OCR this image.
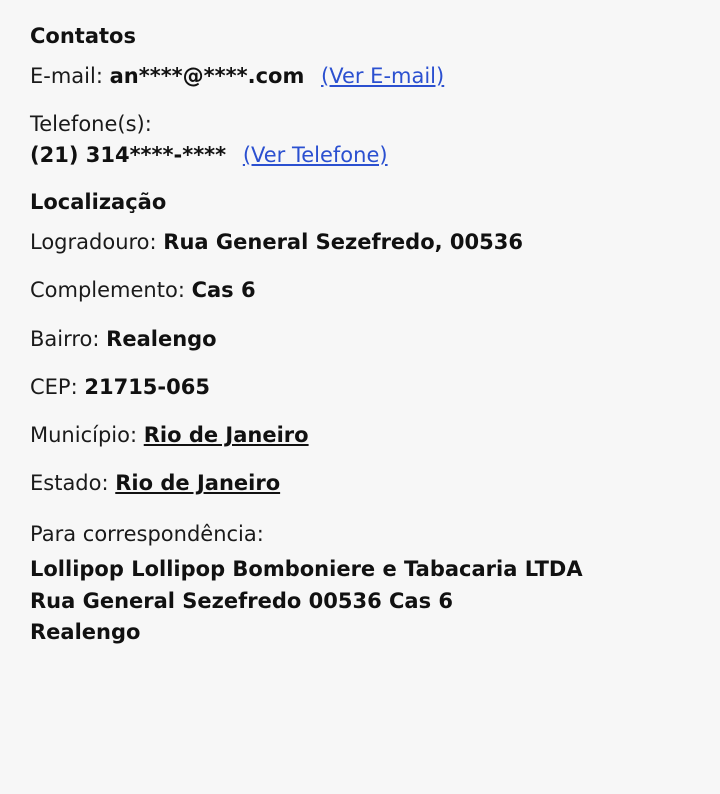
Contatos
E-mail: an****@****.com (Ver E-mail)
Telefone(s):
(21) 314****-**** (Ver Telefone)
Localização
Logradouro: Rua General Sezefredo, 00536
Complemento: Cas 6
Bairro: Realengo
CEP: 21715-065
Município: Rio de Janeiro
Estado: Rio de Janeiro
Para correspondência:
Lollipop Lollipop Bomboniere e Tabacaria LTDA
Rua General Sezefredo 00536 Cas 6
Realengo
